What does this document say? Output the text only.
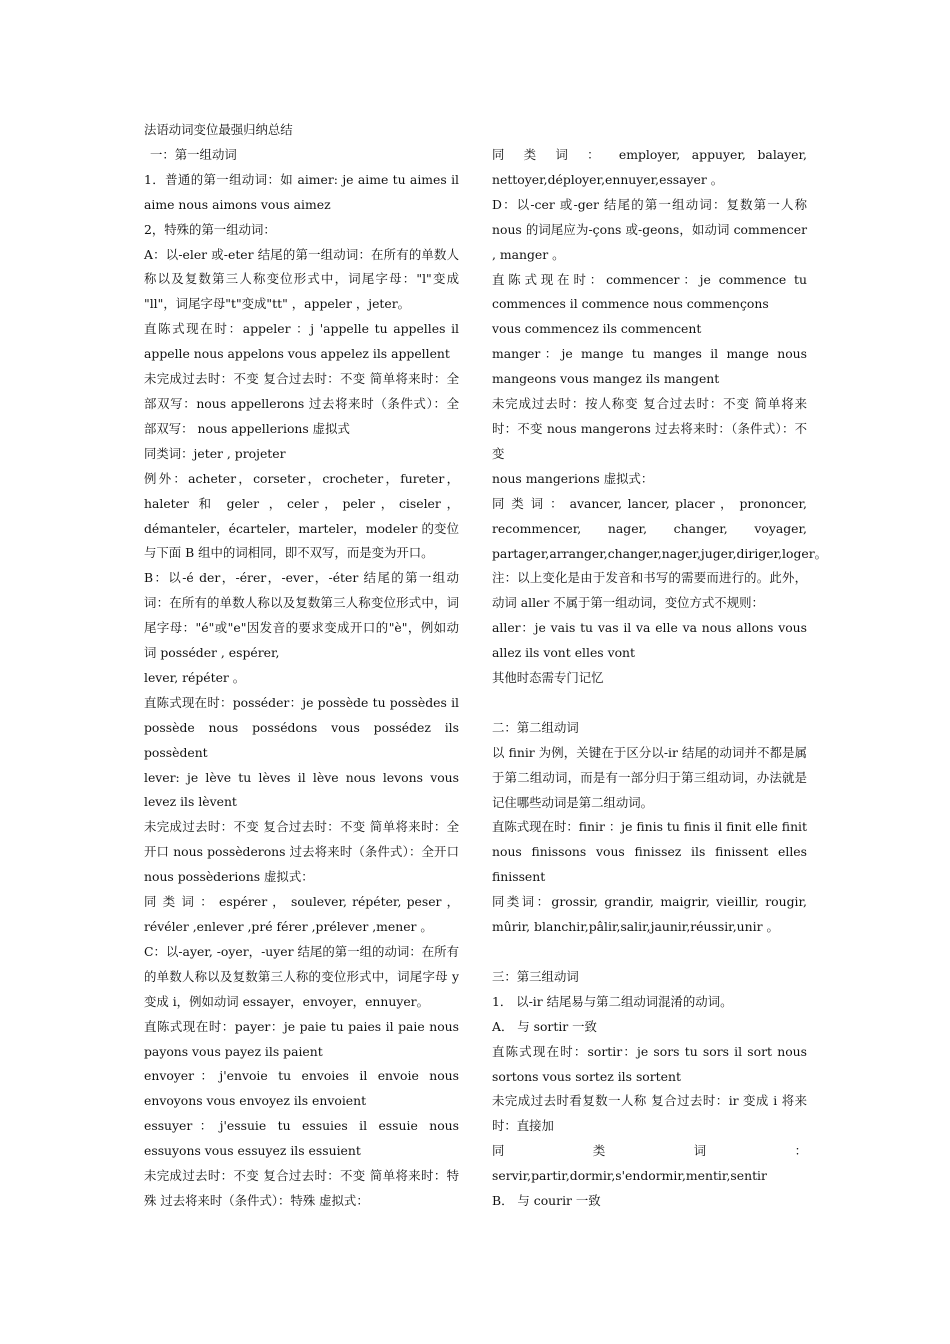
法语动词变位最强归纳总结

一：第一组动词

1．普通的第一组动词：如 aimer: je aime tu aimes il aime nous aimons vous aimez

2，特殊的第一组动词：

A：以-eler 或-eter 结尾的第一组动词：在所有的单数人称以及复数第三人称变位形式中，词尾字母："l"变成 "ll"，词尾字母"t"变成"tt" ，appeler ，jeter。

直陈式现在时：appeler ：j 'appelle tu appelles il appelle nous appelons vous appelez ils appellent

未完成过去时：不变 复合过去时：不变 简单将来时：全部双写：nous appellerons 过去将来时（条件式）：全部双写： nous appellerions 虚拟式

同类词：jeter , projeter

例外：acheter，corseter，crocheter，fureter，haleter 和 geler ，celer，peler，ciseler，démanteler，écarteler，marteler，modeler 的变位与下面 B 组中的词相同，即不双写，而是变为开口。

B：以-é der，-érer，-ever，-éter 结尾的第一组动词：在所有的单数人称以及复数第三人称变位形式中，词尾字母："é"或"e"因发音的要求变成开口的"è"，例如动词 posséder , espérer,

lever, répéter 。

直陈式现在时：posséder：je possède tu possèdes il possède nous possédons vous possédez ils possèdent

lever: je lève tu lèves il lève nous levons vous levez ils lèvent

未完成过去时：不变 复合过去时：不变 简单将来时：全开口 nous possèderons 过去将来时（条件式）：全开口 nous possèderions 虚拟式：

同 类 词 ： espérer ， soulever, répéter, peser ，révéler ,enlever ,pré férer ,prélever ,mener 。

C：以-ayer, -oyer，-uyer 结尾的第一组的动词：在所有的单数人称以及复数第三人称的变位形式中，词尾字母 y 变成 i，例如动词 essayer，envoyer，ennuyer。

直陈式现在时：payer：je paie tu paies il paie nous payons vous payez ils paient

envoyer：j'envoie tu envoies il envoie nous envoyons vous envoyez ils envoient

essuyer：j'essuie tu essuies il essuie nous essuyons vous essuyez ils essuient

未完成过去时：不变 复合过去时：不变 简单将来时：特殊 过去将来时（条件式）：特殊 虚拟式：

同 类 词 ： employer, appuyer, balayer, nettoyer,déployer,ennuyer,essayer 。

D：以-cer 或-ger 结尾的第一组动词：复数第一人称 nous 的词尾应为-çons 或-geons，如动词 commencer , manger 。

直陈式现在时：commencer：je commence tu commences il commence nous commençons

vous commencez ils commencent

manger：je mange tu manges il mange nous mangeons vous mangez ils mangent

未完成过去时：按人称变 复合过去时：不变 简单将来时：不变 nous mangerons 过去将来时：（条件式）：不变

nous mangerions 虚拟式：

同 类 词 ： avancer, lancer, placer ， prononcer, recommencer, nager, changer, voyager, partager,arranger,changer,nager,juger,diriger,loger。

注：以上变化是由于发音和书写的需要而进行的。此外，动词 aller 不属于第一组动词，变位方式不规则：

aller：je vais tu vas il va elle va nous allons vous allez ils vont elles vont

其他时态需专门记忆

二：第二组动词

以 finir 为例，关键在于区分以-ir 结尾的动词并不都是属于第二组动词，而是有一部分归于第三组动词，办法就是记住哪些动词是第二组动词。

直陈式现在时：finir ：je finis tu finis il finit elle finit nous finissons vous finissez ils finissent elles finissent

同类词：grossir, grandir, maigrir, vieillir, rougir, mûrir, blanchir,pâlir,salir,jaunir,réussir,unir 。

三：第三组动词

1． 以-ir 结尾易与第二组动词混淆的动词。

A． 与 sortir 一致

直陈式现在时：sortir：je sors tu sors il sort nous sortons vous sortez ils sortent

未完成过去时看复数一人称 复合过去时：ir 变成 i 将来时：直接加

同类词：servir,partir,dormir,s'endormir,mentir,sentir

B． 与 courir 一致
